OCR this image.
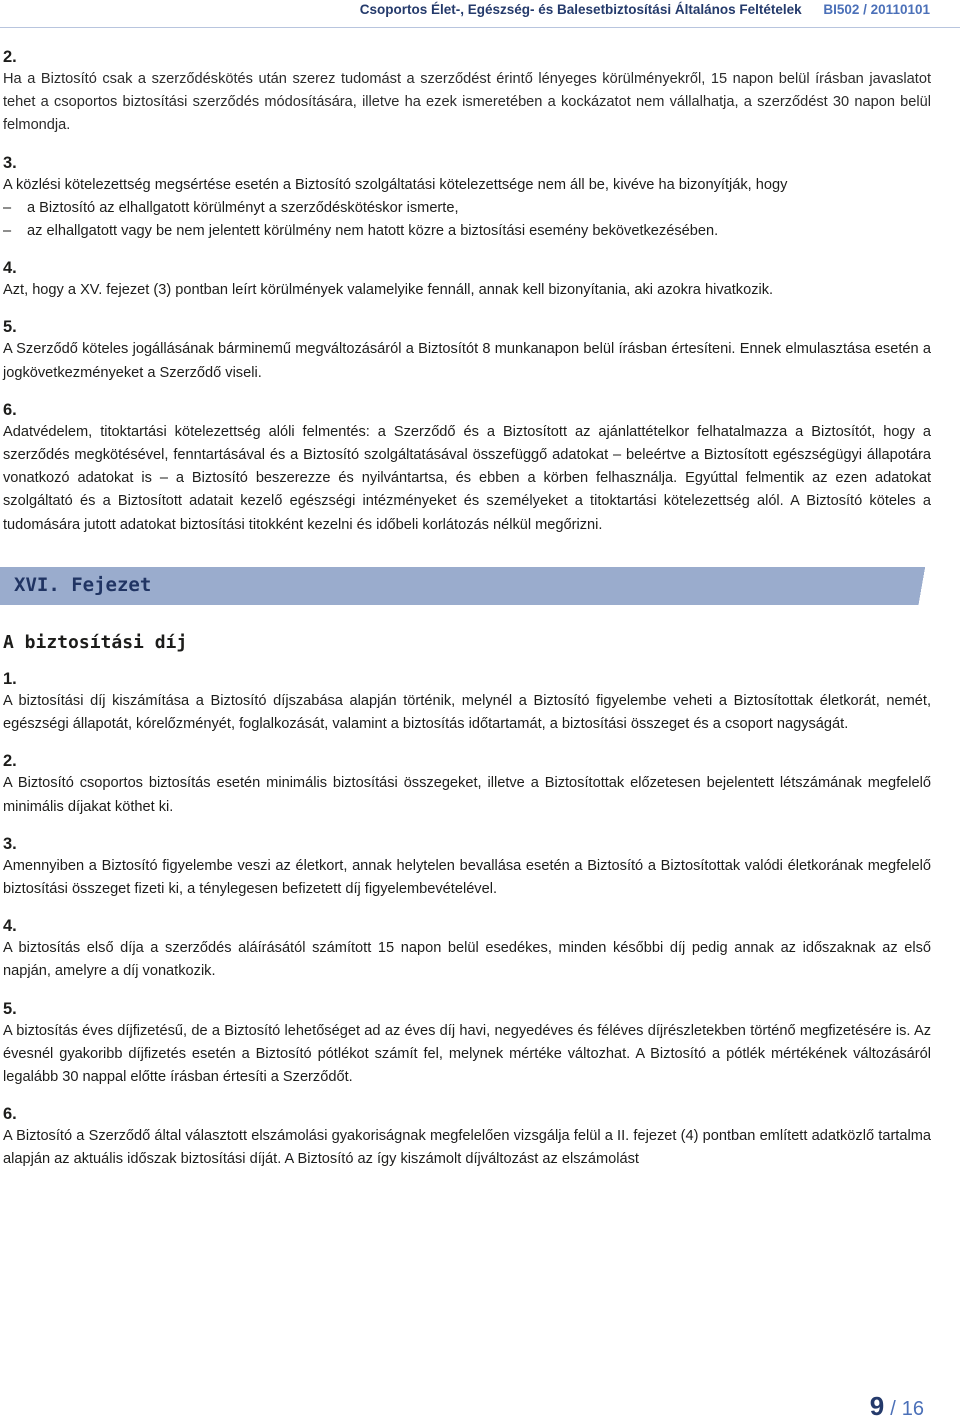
Csoportos Élet-, Egészség- és Balesetbiztosítási Általános Feltételek BI502 / 20110101
2.

Ha a Biztosító csak a szerződéskötés után szerez tudomást a szerződést érintő lényeges körülményekről, 15 napon belül írásban javaslatot tehet a csoportos biztosítási szerződés módosítására, illetve ha ezek ismeretében a kockázatot nem vállalhatja, a szerződést 30 napon belül felmondja.

3.

A közlési kötelezettség megsértése esetén a Biztosító szolgáltatási kötelezettsége nem áll be, kivéve ha bizonyítják, hogy

–	a Biztosító az elhallgatott körülményt a szerződéskötéskor ismerte,
–	az elhallgatott vagy be nem jelentett körülmény nem hatott közre a biztosítási esemény bekövetkezésében.
4.

Azt, hogy a XV. fejezet (3) pontban leírt körülmények valamelyike fennáll, annak kell bizonyítania, aki azokra hivatkozik.

5.

A Szerződő köteles jogállásának bárminemű megváltozásáról a Biztosítót 8 munkanapon belül írásban értesíteni. Ennek elmulasztása esetén a jogkövetkezményeket a Szerződő viseli.

6.

Adatvédelem, titoktartási kötelezettség alóli felmentés: a Szerződő és a Biztosított az ajánlattételkor felhatalmazza a Biztosítót, hogy a szerződés megkötésével, fenntartásával és a Biztosító szolgáltatásával összefüggő adatokat – beleértve a Biztosított egészségügyi állapotára vonatkozó adatokat is – a Biztosító beszerezze és nyilvántartsa, és ebben a körben felhasználja. Egyúttal felmentik az ezen adatokat szolgáltató és a Biztosított adatait kezelő egészségi intézményeket és személyeket a titoktartási kötelezettség alól. A Biztosító köteles a tudomására jutott adatokat biztosítási titokként kezelni és időbeli korlátozás nélkül megőrizni.

XVI. Fejezet
A biztosítási díj
1.

A biztosítási díj kiszámítása a Biztosító díjszabása alapján történik, melynél a Biztosító figyelembe veheti a Biztosítottak életkorát, nemét, egészségi állapotát, kórelőzményét, foglalkozását, valamint a biztosítás időtartamát, a biztosítási összeget és a csoport nagyságát.

2.

A Biztosító csoportos biztosítás esetén minimális biztosítási összegeket, illetve a Biztosítottak előzetesen bejelentett létszámának megfelelő minimális díjakat köthet ki.

3.

Amennyiben a Biztosító figyelembe veszi az életkort, annak helytelen bevallása esetén a Biztosító a Biztosítottak valódi életkorának megfelelő biztosítási összeget fizeti ki, a ténylegesen befizetett díj figyelembevételével.

4.

A biztosítás első díja a szerződés aláírásától számított 15 napon belül esedékes, minden későbbi díj pedig annak az időszaknak az első napján, amelyre a díj vonatkozik.

5.

A biztosítás éves díjfizetésű, de a Biztosító lehetőséget ad az éves díj havi, negyedéves és féléves díjrészletekben történő megfizetésére is. Az évesnél gyakoribb díjfizetés esetén a Biztosító pótlékot számít fel, melynek mértéke változhat. A Biztosító a pótlék mértékének változásáról legalább 30 nappal előtte írásban értesíti a Szerződőt.

6.

A Biztosító a Szerződő által választott elszámolási gyakoriságnak megfelelően vizsgálja felül a II. fejezet (4) pontban említett adatközlő tartalma alapján az aktuális időszak biztosítási díját. A Biztosító az így kiszámolt díjváltozást az elszámolást

9 / 16
